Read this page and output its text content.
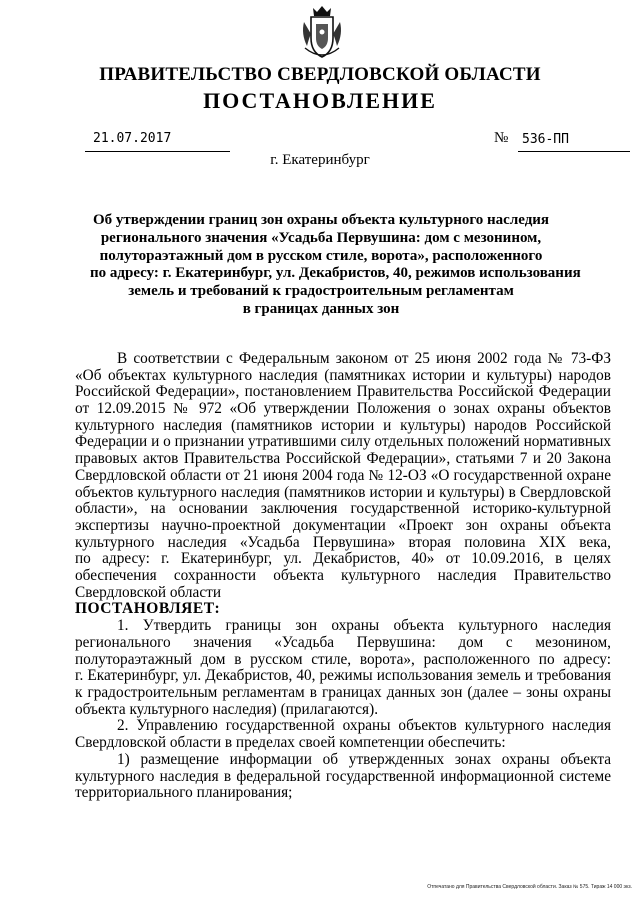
ПРАВИТЕЛЬСТВО СВЕРДЛОВСКОЙ ОБЛАСТИ
ПОСТАНОВЛЕНИЕ
21.07.2017	№	536-ПП
г. Екатеринбург
Об утверждении границ зон охраны объекта культурного наследия
регионального значения «Усадьба Первушина: дом с мезонином,
полутораэтажный дом в русском стиле, ворота», расположенного
по адресу: г. Екатеринбург, ул. Декабристов, 40, режимов использования
земель и требований к градостроительным регламентам
в границах данных зон
В соответствии с Федеральным законом от 25 июня 2002 года № 73-ФЗ
«Об объектах культурного наследия (памятниках истории и культуры) народов
Российской Федерации», постановлением Правительства Российской Федерации
от 12.09.2015 № 972 «Об утверждении Положения о зонах охраны объектов
культурного наследия (памятников истории и культуры) народов Российской
Федерации и о признании утратившими силу отдельных положений нормативных
правовых актов Правительства Российской Федерации», статьями 7 и 20 Закона
Свердловской области от 21 июня 2004 года № 12-ОЗ «О государственной охране
объектов культурного наследия (памятников истории и культуры) в Свердловской
области», на основании заключения государственной историко-культурной
экспертизы научно-проектной документации «Проект зон охраны объекта
культурного наследия «Усадьба Первушина» вторая половина XIX века,
по адресу: г. Екатеринбург, ул. Декабристов, 40» от 10.09.2016, в целях
обеспечения сохранности объекта культурного наследия Правительство
Свердловской области
ПОСТАНОВЛЯЕТ:
1. Утвердить границы зон охраны объекта культурного наследия
регионального значения «Усадьба Первушина: дом с мезонином,
полутораэтажный дом в русском стиле, ворота», расположенного по адресу:
г. Екатеринбург, ул. Декабристов, 40, режимы использования земель и требования
к градостроительным регламентам в границах данных зон (далее – зоны охраны
объекта культурного наследия) (прилагаются).
2. Управлению государственной охраны объектов культурного наследия
Свердловской области в пределах своей компетенции обеспечить:
1) размещение информации об утвержденных зонах охраны объекта
культурного наследия в федеральной государственной информационной системе
территориального планирования;
Отпечатано для Правительства Свердловской области. Заказ № 575. Тираж 14 000 экз.
